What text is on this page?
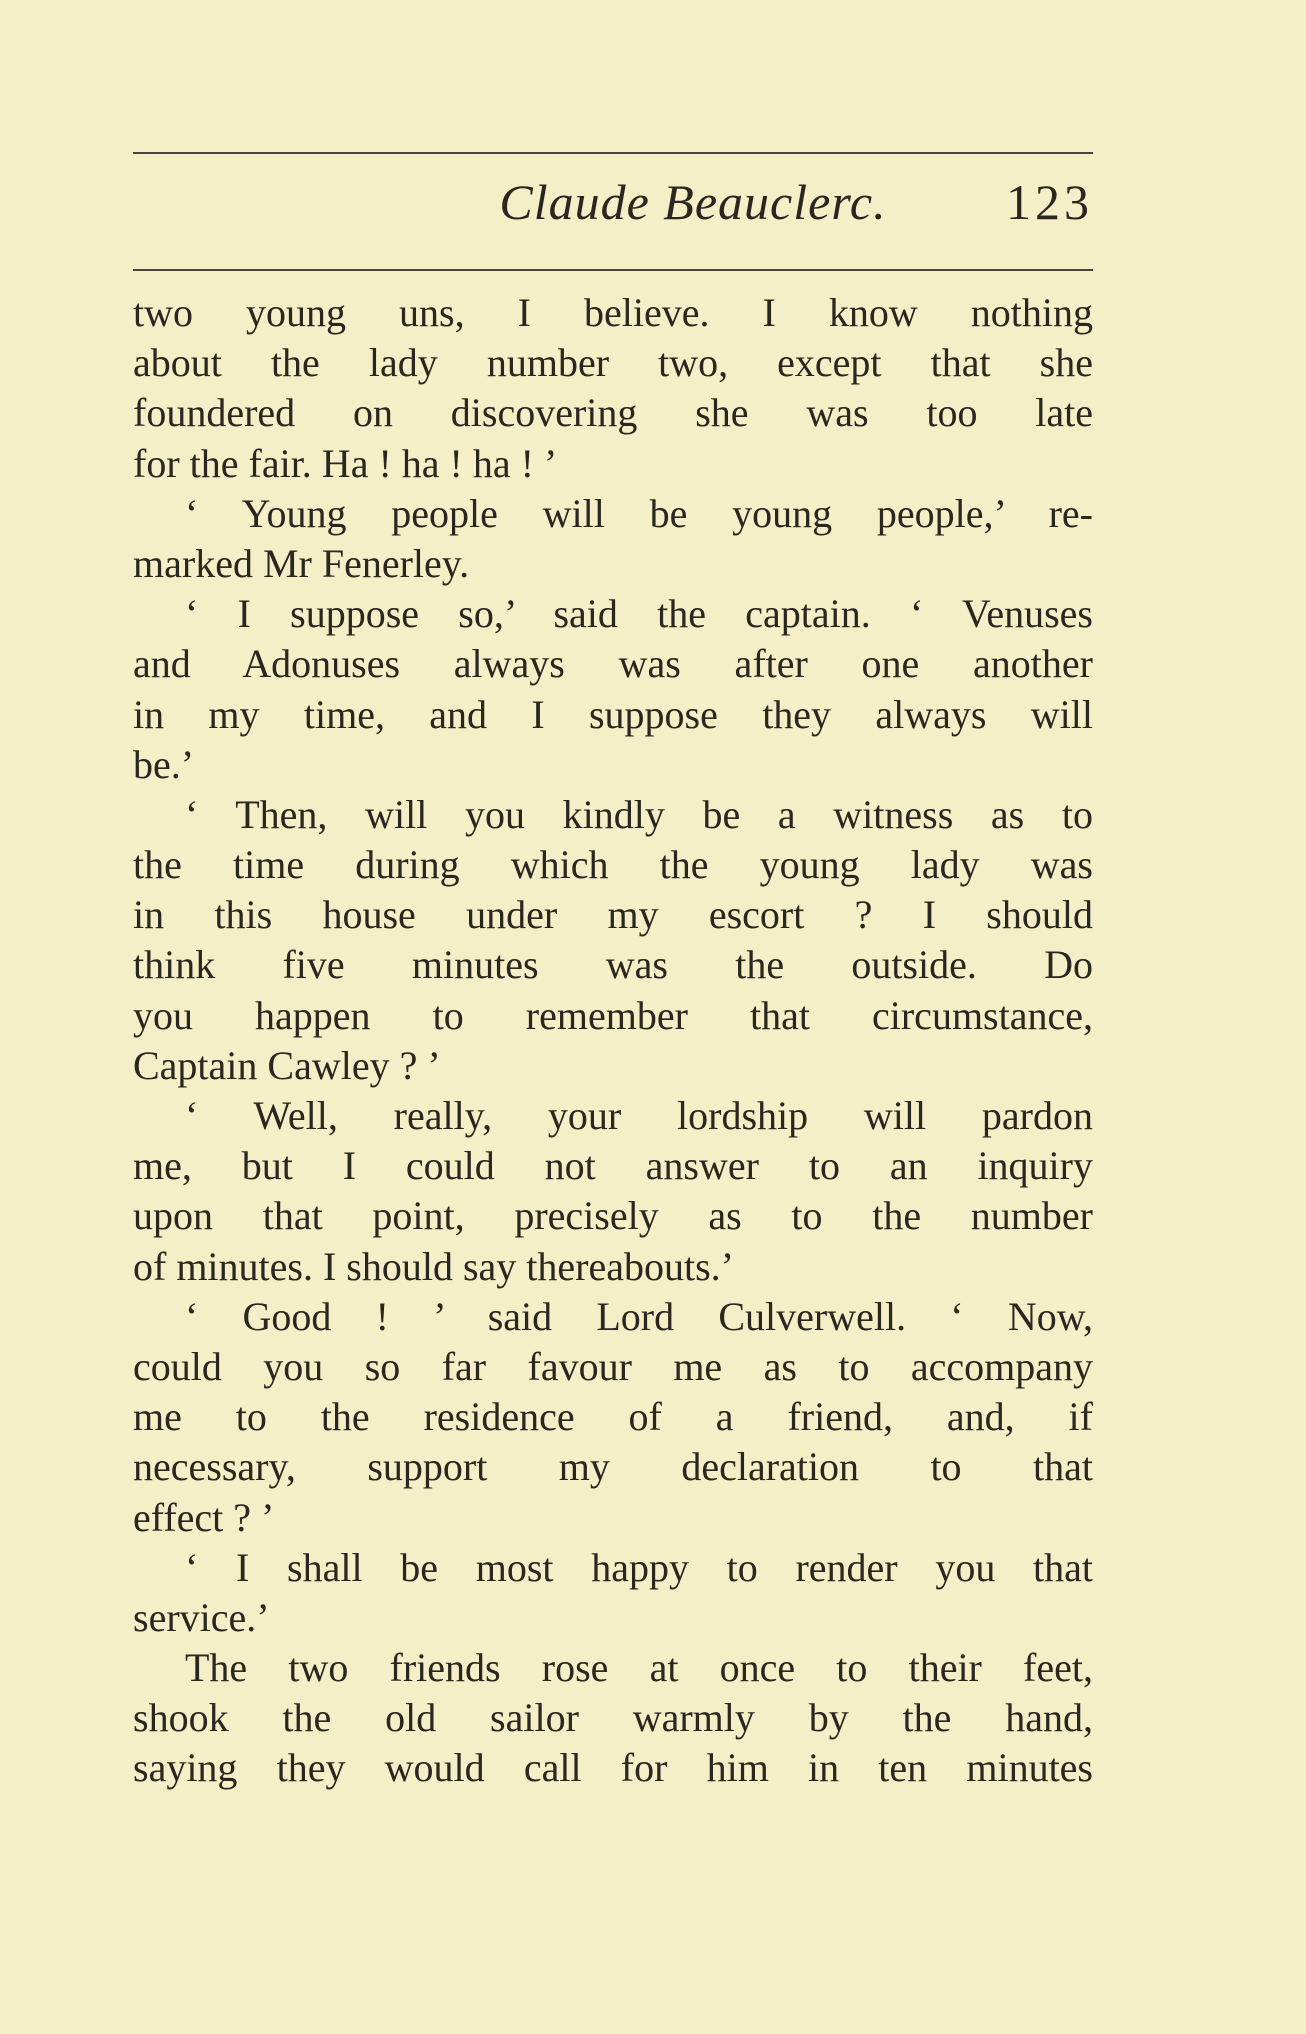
Claude Beauclerc.	123
two young uns, I believe. I know nothing
about the lady number two, except that she
foundered on discovering she was too late
for the fair. Ha ! ha ! ha ! ’
‘ Young people will be young people,’ re-
marked Mr Fenerley.
‘ I suppose so,’ said the captain. ‘ Venuses
and Adonuses always was after one another
in my time, and I suppose they always will
be.’
‘ Then, will you kindly be a witness as to
the time during which the young lady was
in this house under my escort ? I should
think five minutes was the outside. Do
you happen to remember that circumstance,
Captain Cawley ? ’
‘ Well, really, your lordship will pardon
me, but I could not answer to an inquiry
upon that point, precisely as to the number
of minutes. I should say thereabouts.’
‘ Good ! ’ said Lord Culverwell. ‘ Now,
could you so far favour me as to accompany
me to the residence of a friend, and, if
necessary, support my declaration to that
effect ? ’
‘ I shall be most happy to render you that
service.’
The two friends rose at once to their feet,
shook the old sailor warmly by the hand,
saying they would call for him in ten minutes
